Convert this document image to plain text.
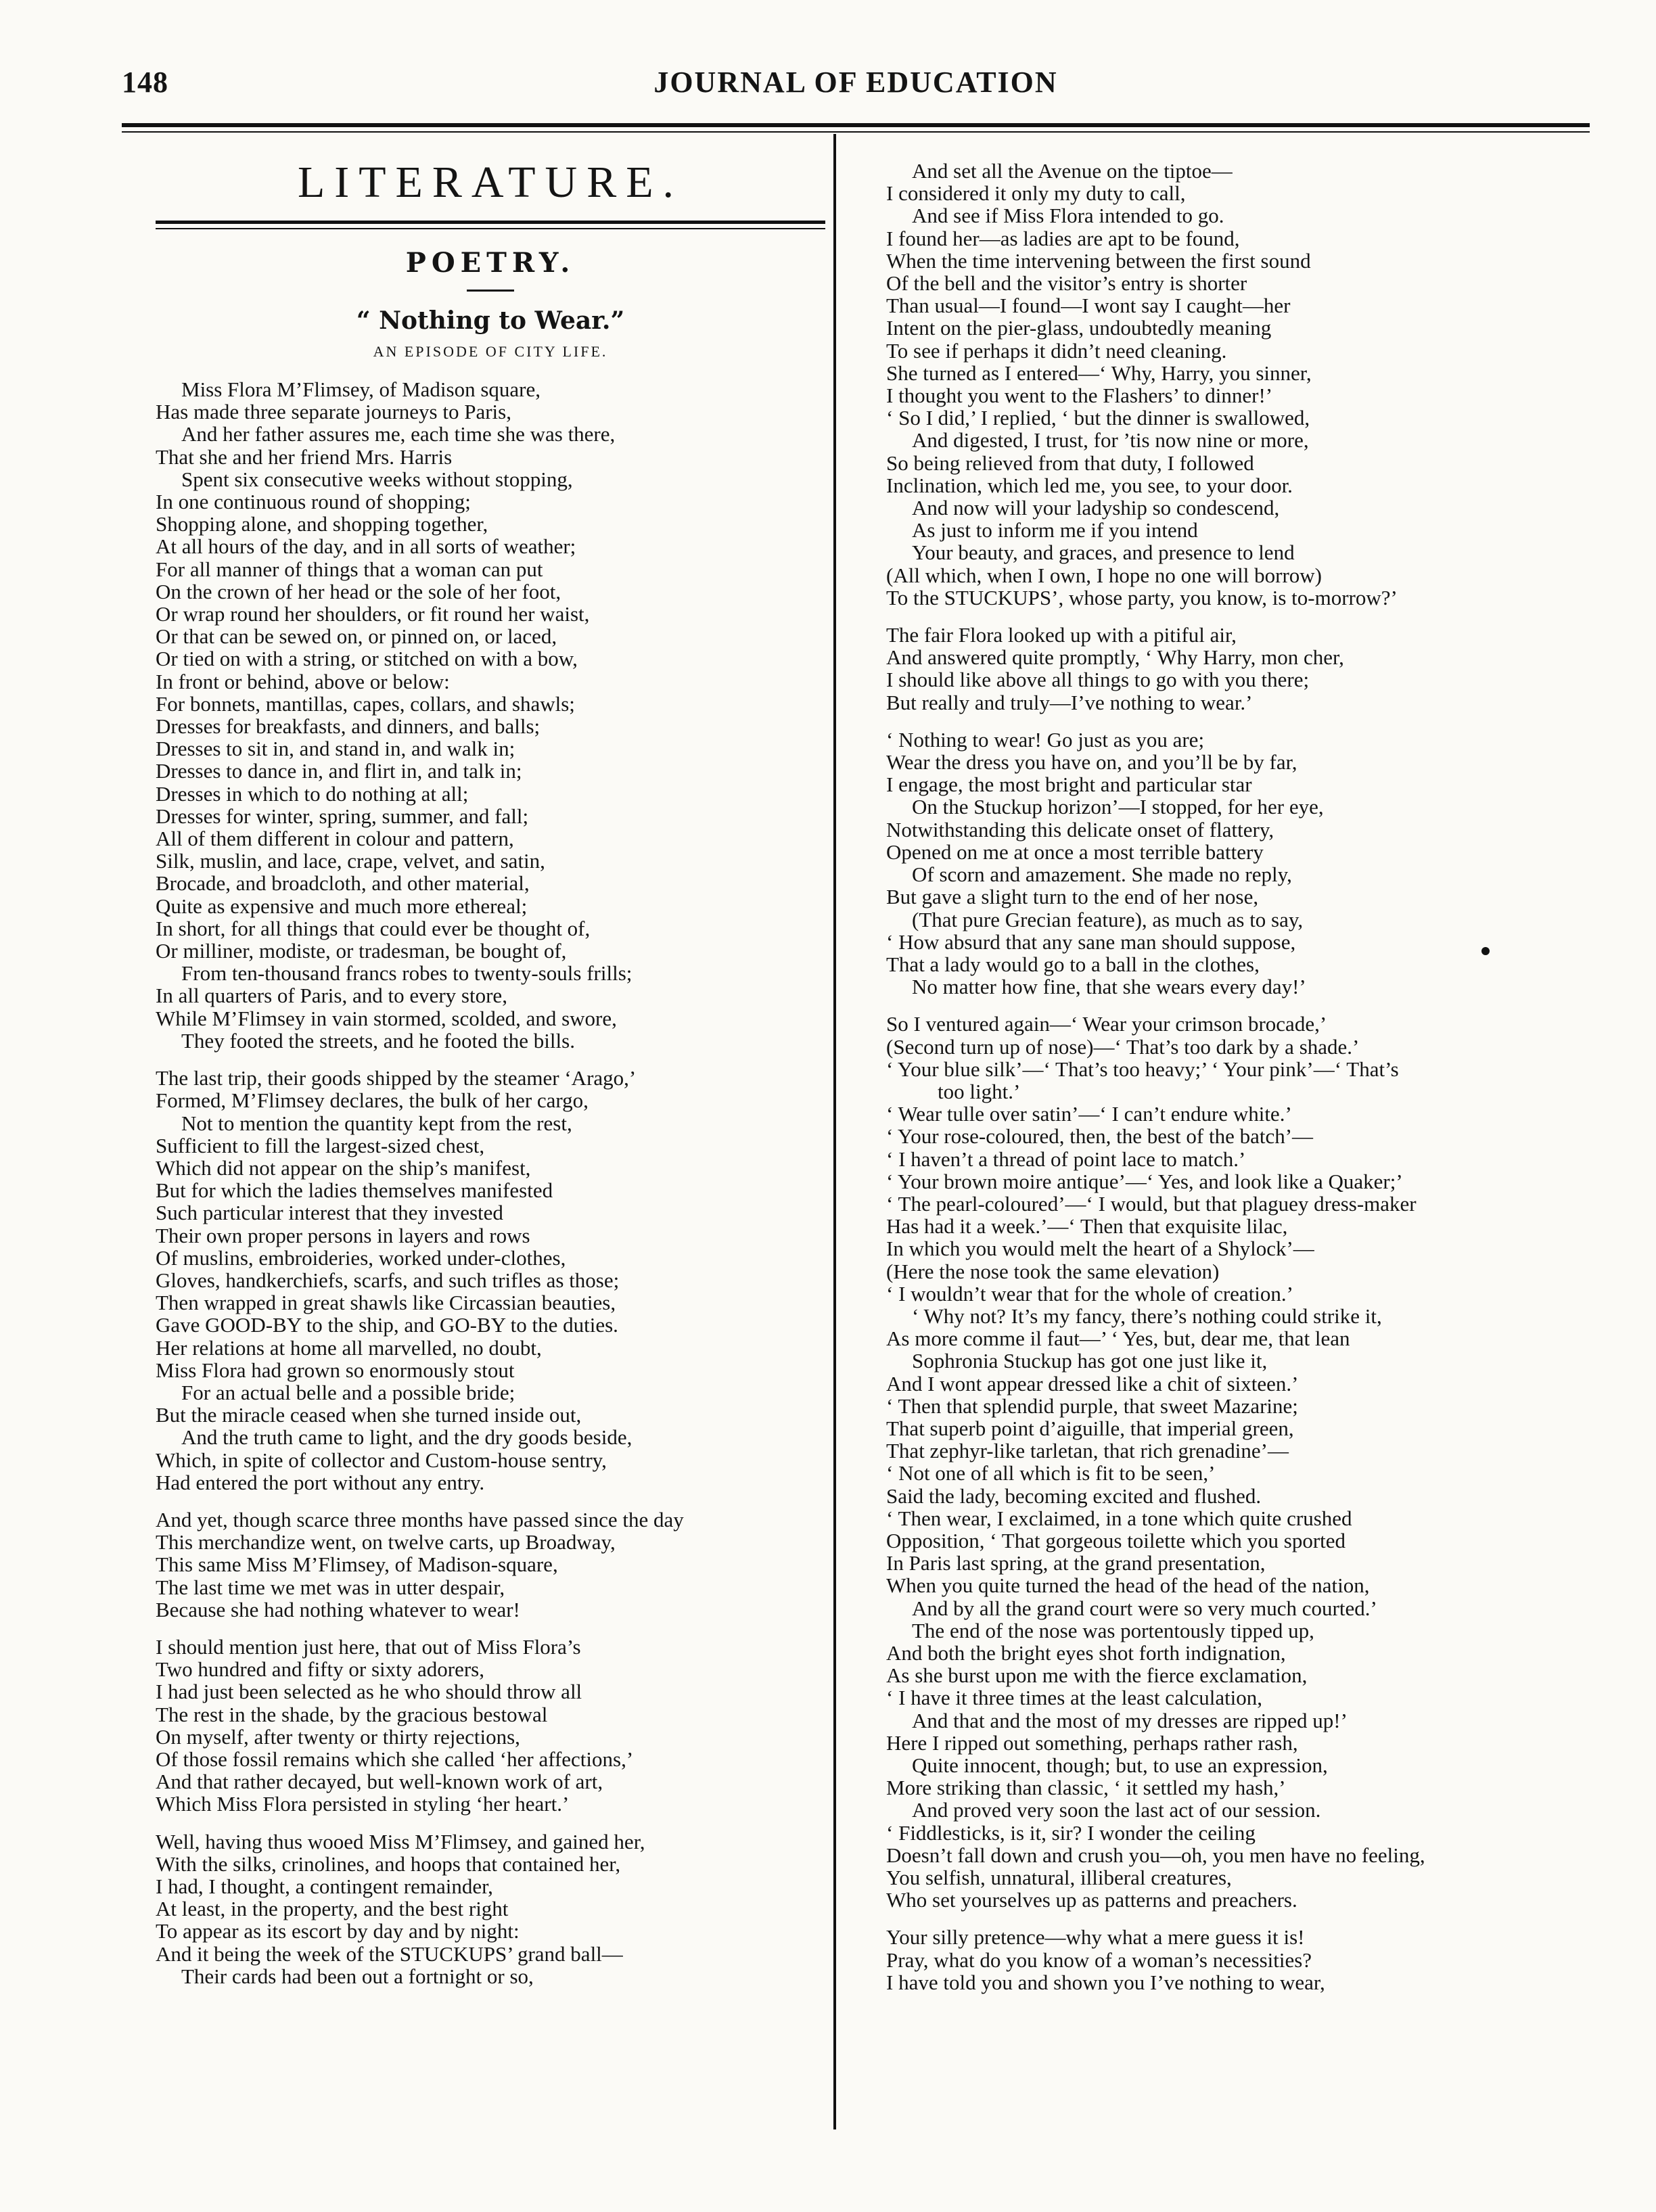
148	JOURNAL OF EDUCATION
LITERATURE.
POETRY.
“ Nothing to Wear.”
AN EPISODE OF CITY LIFE.
Miss Flora M’Flimsey, of Madison square,
Has made three separate journeys to Paris,
And her father assures me, each time she was there,
That she and her friend Mrs. Harris
Spent six consecutive weeks without stopping,
In one continuous round of shopping;
Shopping alone, and shopping together,
At all hours of the day, and in all sorts of weather;
For all manner of things that a woman can put
On the crown of her head or the sole of her foot,
Or wrap round her shoulders, or fit round her waist,
Or that can be sewed on, or pinned on, or laced,
Or tied on with a string, or stitched on with a bow,
In front or behind, above or below:
For bonnets, mantillas, capes, collars, and shawls;
Dresses for breakfasts, and dinners, and balls;
Dresses to sit in, and stand in, and walk in;
Dresses to dance in, and flirt in, and talk in;
Dresses in which to do nothing at all;
Dresses for winter, spring, summer, and fall;
All of them different in colour and pattern,
Silk, muslin, and lace, crape, velvet, and satin,
Brocade, and broadcloth, and other material,
Quite as expensive and much more ethereal;
In short, for all things that could ever be thought of,
Or milliner, modiste, or tradesman, be bought of,
From ten-thousand francs robes to twenty-souls frills;
In all quarters of Paris, and to every store,
While M’Flimsey in vain stormed, scolded, and swore,
They footed the streets, and he footed the bills.
The last trip, their goods shipped by the steamer ‘Arago,’
Formed, M’Flimsey declares, the bulk of her cargo,
Not to mention the quantity kept from the rest,
Sufficient to fill the largest-sized chest,
Which did not appear on the ship’s manifest,
But for which the ladies themselves manifested
Such particular interest that they invested
Their own proper persons in layers and rows
Of muslins, embroideries, worked under-clothes,
Gloves, handkerchiefs, scarfs, and such trifles as those;
Then wrapped in great shawls like Circassian beauties,
Gave GOOD-BY to the ship, and GO-BY to the duties.
Her relations at home all marvelled, no doubt,
Miss Flora had grown so enormously stout
For an actual belle and a possible bride;
But the miracle ceased when she turned inside out,
And the truth came to light, and the dry goods beside,
Which, in spite of collector and Custom-house sentry,
Had entered the port without any entry.
And yet, though scarce three months have passed since the day
This merchandize went, on twelve carts, up Broadway,
This same Miss M’Flimsey, of Madison-square,
The last time we met was in utter despair,
Because she had nothing whatever to wear!
I should mention just here, that out of Miss Flora’s
Two hundred and fifty or sixty adorers,
I had just been selected as he who should throw all
The rest in the shade, by the gracious bestowal
On myself, after twenty or thirty rejections,
Of those fossil remains which she called ‘her affections,’
And that rather decayed, but well-known work of art,
Which Miss Flora persisted in styling ‘her heart.’
Well, having thus wooed Miss M’Flimsey, and gained her,
With the silks, crinolines, and hoops that contained her,
I had, I thought, a contingent remainder,
At least, in the property, and the best right
To appear as its escort by day and by night:
And it being the week of the STUCKUPS’ grand ball—
Their cards had been out a fortnight or so,
And set all the Avenue on the tiptoe—
I considered it only my duty to call,
And see if Miss Flora intended to go.
I found her—as ladies are apt to be found,
When the time intervening between the first sound
Of the bell and the visitor’s entry is shorter
Than usual—I found—I wont say I caught—her
Intent on the pier-glass, undoubtedly meaning
To see if perhaps it didn’t need cleaning.
She turned as I entered—‘ Why, Harry, you sinner,
I thought you went to the Flashers’ to dinner!’
‘ So I did,’ I replied, ‘ but the dinner is swallowed,
And digested, I trust, for ’tis now nine or more,
So being relieved from that duty, I followed
Inclination, which led me, you see, to your door.
And now will your ladyship so condescend,
As just to inform me if you intend
Your beauty, and graces, and presence to lend
(All which, when I own, I hope no one will borrow)
To the STUCKUPS’, whose party, you know, is to-morrow?’
The fair Flora looked up with a pitiful air,
And answered quite promptly, ‘ Why Harry, mon cher,
I should like above all things to go with you there;
But really and truly—I’ve nothing to wear.’
‘ Nothing to wear! Go just as you are;
Wear the dress you have on, and you’ll be by far,
I engage, the most bright and particular star
On the Stuckup horizon’—I stopped, for her eye,
Notwithstanding this delicate onset of flattery,
Opened on me at once a most terrible battery
Of scorn and amazement. She made no reply,
But gave a slight turn to the end of her nose,
(That pure Grecian feature), as much as to say,
‘ How absurd that any sane man should suppose,
That a lady would go to a ball in the clothes,
No matter how fine, that she wears every day!’
So I ventured again—‘ Wear your crimson brocade,’
(Second turn up of nose)—‘ That’s too dark by a shade.’
‘ Your blue silk’—‘ That’s too heavy;’ ‘ Your pink’—‘ That’s
too light.’
‘ Wear tulle over satin’—‘ I can’t endure white.’
‘ Your rose-coloured, then, the best of the batch’—
‘ I haven’t a thread of point lace to match.’
‘ Your brown moire antique’—‘ Yes, and look like a Quaker;’
‘ The pearl-coloured’—‘ I would, but that plaguey dress-maker
Has had it a week.’—‘ Then that exquisite lilac,
In which you would melt the heart of a Shylock’—
(Here the nose took the same elevation)
‘ I wouldn’t wear that for the whole of creation.’
‘ Why not? It’s my fancy, there’s nothing could strike it,
As more comme il faut—’ ‘ Yes, but, dear me, that lean
Sophronia Stuckup has got one just like it,
And I wont appear dressed like a chit of sixteen.’
‘ Then that splendid purple, that sweet Mazarine;
That superb point d’aiguille, that imperial green,
That zephyr-like tarletan, that rich grenadine’—
‘ Not one of all which is fit to be seen,’
Said the lady, becoming excited and flushed.
‘ Then wear, I exclaimed, in a tone which quite crushed
Opposition, ‘ That gorgeous toilette which you sported
In Paris last spring, at the grand presentation,
When you quite turned the head of the head of the nation,
And by all the grand court were so very much courted.’
The end of the nose was portentously tipped up,
And both the bright eyes shot forth indignation,
As she burst upon me with the fierce exclamation,
‘ I have it three times at the least calculation,
And that and the most of my dresses are ripped up!’
Here I ripped out something, perhaps rather rash,
Quite innocent, though; but, to use an expression,
More striking than classic, ‘ it settled my hash,’
And proved very soon the last act of our session.
‘ Fiddlesticks, is it, sir? I wonder the ceiling
Doesn’t fall down and crush you—oh, you men have no feeling,
You selfish, unnatural, illiberal creatures,
Who set yourselves up as patterns and preachers.
Your silly pretence—why what a mere guess it is!
Pray, what do you know of a woman’s necessities?
I have told you and shown you I’ve nothing to wear,
